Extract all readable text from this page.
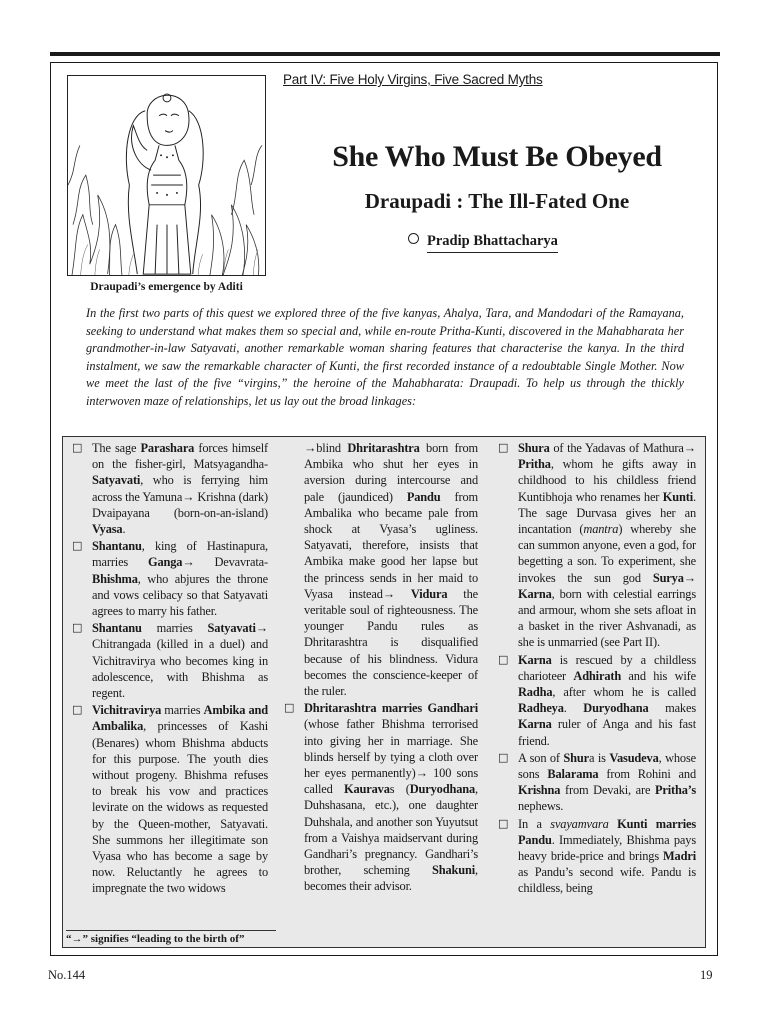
Draupadi’s emergence by Aditi
Part IV: Five Holy Virgins, Five Sacred Myths
She Who Must Be Obeyed
Draupadi : The Ill-Fated One
Pradip Bhattacharya
In the first two parts of this quest we explored three of the five kanyas, Ahalya, Tara, and Mandodari of the Ramayana, seeking to understand what makes them so special and, while en-route Pritha-Kunti, discovered in the Mahabharata her grandmother-in-law Satyavati, another remarkable woman sharing features that characterise the kanya. In the third instalment, we saw the remarkable character of Kunti, the first recorded instance of a redoubtable Single Mother. Now we meet the last of the five “virgins,” the heroine of the Mahabharata: Draupadi. To help us through the thickly interwoven maze of relationships, let us lay out the broad linkages:

□ The sage Parashara forces himself on the fisher-girl, Matsyagandha-Satyavati, who is ferrying him across the Yamuna→ Krishna (dark) Dvaipayana (born-on-an-island) Vyasa.

□ Shantanu, king of Hastinapura, marries Ganga→ Devavrata-Bhishma, who abjures the throne and vows celibacy so that Satyavati agrees to marry his father.

□ Shantanu marries Satyavati→ Chitrangada (killed in a duel) and Vichitravirya who becomes king in adolescence, with Bhishma as regent.

□ Vichitravirya marries Ambika and Ambalika, princesses of Kashi (Benares) whom Bhishma abducts for this purpose. The youth dies without progeny. Bhishma refuses to break his vow and practices levirate on the widows as requested by the Queen-mother, Satyavati. She summons her illegitimate son Vyasa who has become a sage by now. Reluctantly he agrees to impregnate the two widows

→blind Dhritarashtra born from Ambika who shut her eyes in aversion during intercourse and pale (jaundiced) Pandu from Ambalika who became pale from shock at Vyasa’s ugliness. Satyavati, therefore, insists that Ambika make good her lapse but the princess sends in her maid to Vyasa instead→ Vidura the veritable soul of righteousness. The younger Pandu rules as Dhritarashtra is disqualified because of his blindness. Vidura becomes the conscience-keeper of the ruler.

□ Dhritarashtra marries Gandhari (whose father Bhishma terrorised into giving her in marriage. She blinds herself by tying a cloth over her eyes permanently)→ 100 sons called Kauravas (Duryodhana, Duhshasana, etc.), one daughter Duhshala, and another son Yuyutsut from a Vaishya maidservant during Gandhari’s pregnancy. Gandhari’s brother, scheming Shakuni, becomes their advisor.

□ Shura of the Yadavas of Mathura→ Pritha, whom he gifts away in childhood to his childless friend Kuntibhoja who renames her Kunti. The sage Durvasa gives her an incantation (mantra) whereby she can summon anyone, even a god, for begetting a son. To experiment, she invokes the sun god Surya→ Karna, born with celestial earrings and armour, whom she sets afloat in a basket in the river Ashvanadi, as she is unmarried (see Part II).

□ Karna is rescued by a childless charioteer Adhirath and his wife Radha, after whom he is called Radheya. Duryodhana makes Karna ruler of Anga and his fast friend.

□ A son of Shura is Vasudeva, whose sons Balarama from Rohini and Krishna from Devaki, are Pritha’s nephews.

□ In a svayamvara Kunti marries Pandu. Immediately, Bhishma pays heavy bride-price and brings Madri as Pandu’s second wife. Pandu is childless, being

“→” signifies “leading to the birth of”
No.144	19
